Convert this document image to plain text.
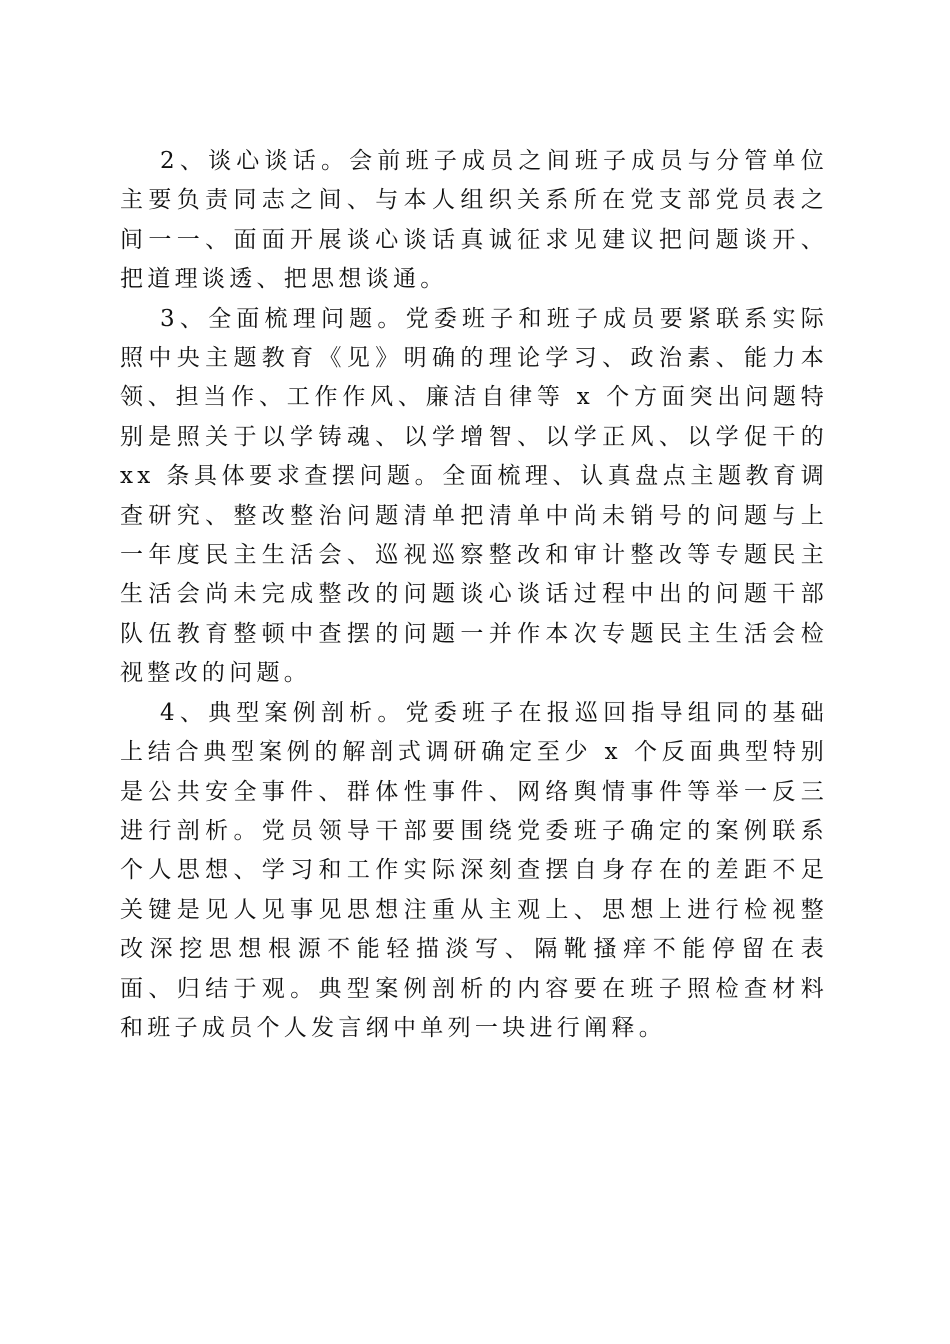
2、谈心谈话。会前班子成员之间班子成员与分管单位主要负责同志之间、与本人组织关系所在党支部党员表之间一一、面面开展谈心谈话真诚征求见建议把问题谈开、把道理谈透、把思想谈通。

3、全面梳理问题。党委班子和班子成员要紧联系实际照中央主题教育《见》明确的理论学习、政治素、能力本领、担当作、工作作风、廉洁自律等 x 个方面突出问题特别是照关于以学铸魂、以学增智、以学正风、以学促干的 xx 条具体要求查摆问题。全面梳理、认真盘点主题教育调查研究、整改整治问题清单把清单中尚未销号的问题与上一年度民主生活会、巡视巡察整改和审计整改等专题民主生活会尚未完成整改的问题谈心谈话过程中出的问题干部队伍教育整顿中查摆的问题一并作本次专题民主生活会检视整改的问题。

4、典型案例剖析。党委班子在报巡回指导组同的基础上结合典型案例的解剖式调研确定至少 x 个反面典型特别是公共安全事件、群体性事件、网络舆情事件等举一反三进行剖析。党员领导干部要围绕党委班子确定的案例联系个人思想、学习和工作实际深刻查摆自身存在的差距不足关键是见人见事见思想注重从主观上、思想上进行检视整改深挖思想根源不能轻描淡写、隔靴搔痒不能停留在表面、归结于观。典型案例剖析的内容要在班子照检查材料和班子成员个人发言纲中单列一块进行阐释。
